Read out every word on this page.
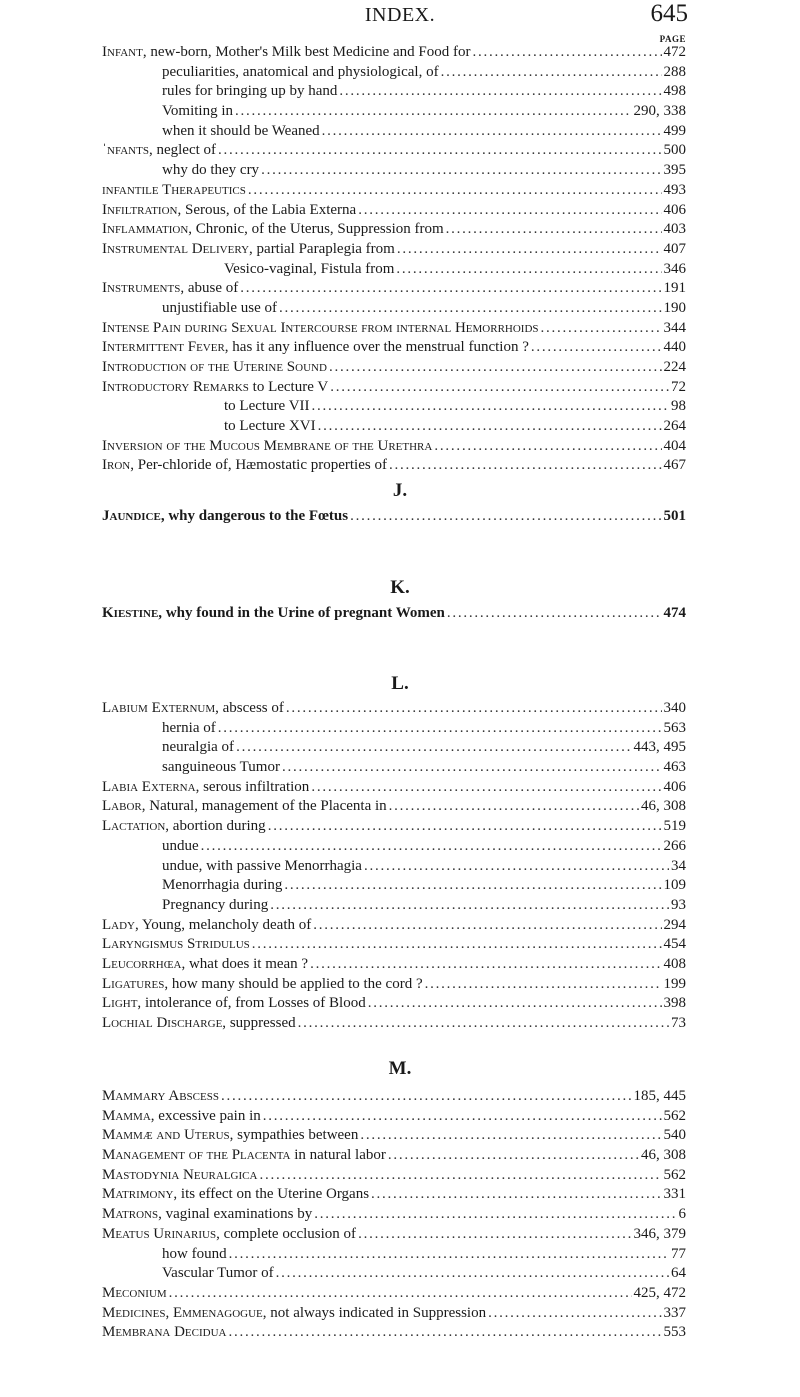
INDEX.	645
PAGE
Infant, new-born, Mother's Milk best Medicine and Food for . . .	472
peculiarities, anatomical and physiological, of . . .	288
rules for bringing up by hand . . .	498
Vomiting in . . .	290, 338
when it should be Weaned . . .	499
ˈnfants, neglect of . . .	500
why do they cry . . .	395
ınfantile Therapeutics . . .	493
Infiltration, Serous, of the Labia Externa . . .	406
Inflammation, Chronic, of the Uterus, Suppression from . . .	403
Instrumental Delivery, partial Paraplegia from . . .	407
Vesico-vaginal, Fistula from . . .	346
Instruments, abuse of . . .	191
unjustifiable use of . . .	190
Intense Pain during Sexual Intercourse from internal Hemorrhoids . . .	344
Intermittent Fever, has it any influence over the menstrual function ? . . .	440
Introduction of the Uterine Sound . . .	224
Introductory Remarks to Lecture V . . .	72
to Lecture VII . . .	98
to Lecture XVI . . .	264
Inversion of the Mucous Membrane of the Urethra . . .	404
Iron, Per-chloride of, Hæmostatic properties of . . .	467
J.
Jaundice, why dangerous to the Fœtus . . .	501
K.
Kiestine, why found in the Urine of pregnant Women . . .	474
L.
Labium Externum, abscess of . . .	340
hernia of . . .	563
neuralgia of . . .	443, 495
sanguineous Tumor . . .	463
Labia Externa, serous infiltration . . .	406
Labor, Natural, management of the Placenta in . . .	46, 308
Lactation, abortion during . . .	519
undue . . .	266
undue, with passive Menorrhagia . . .	34
Menorrhagia during . . .	109
Pregnancy during . . .	93
Lady, Young, melancholy death of . . .	294
Laryngismus Stridulus . . .	454
Leucorrhœa, what does it mean ? . . .	408
Ligatures, how many should be applied to the cord ? . . .	199
Light, intolerance of, from Losses of Blood . . .	398
Lochial Discharge, suppressed . . .	73
M.
Mammary Abscess . . .	185, 445
Mamma, excessive pain in . . .	562
Mammæ and Uterus, sympathies between . . .	540
Management of the Placenta in natural labor . . .	46, 308
Mastodynia Neuralgica . . .	562
Matrimony, its effect on the Uterine Organs . . .	331
Matrons, vaginal examinations by . . .	6
Meatus Urinarius, complete occlusion of . . .	346, 379
how found . . .	77
Vascular Tumor of . . .	64
Meconium . . .	425, 472
Medicines, Emmenagogue, not always indicated in Suppression . . .	337
Membrana Decidua . . .	553
